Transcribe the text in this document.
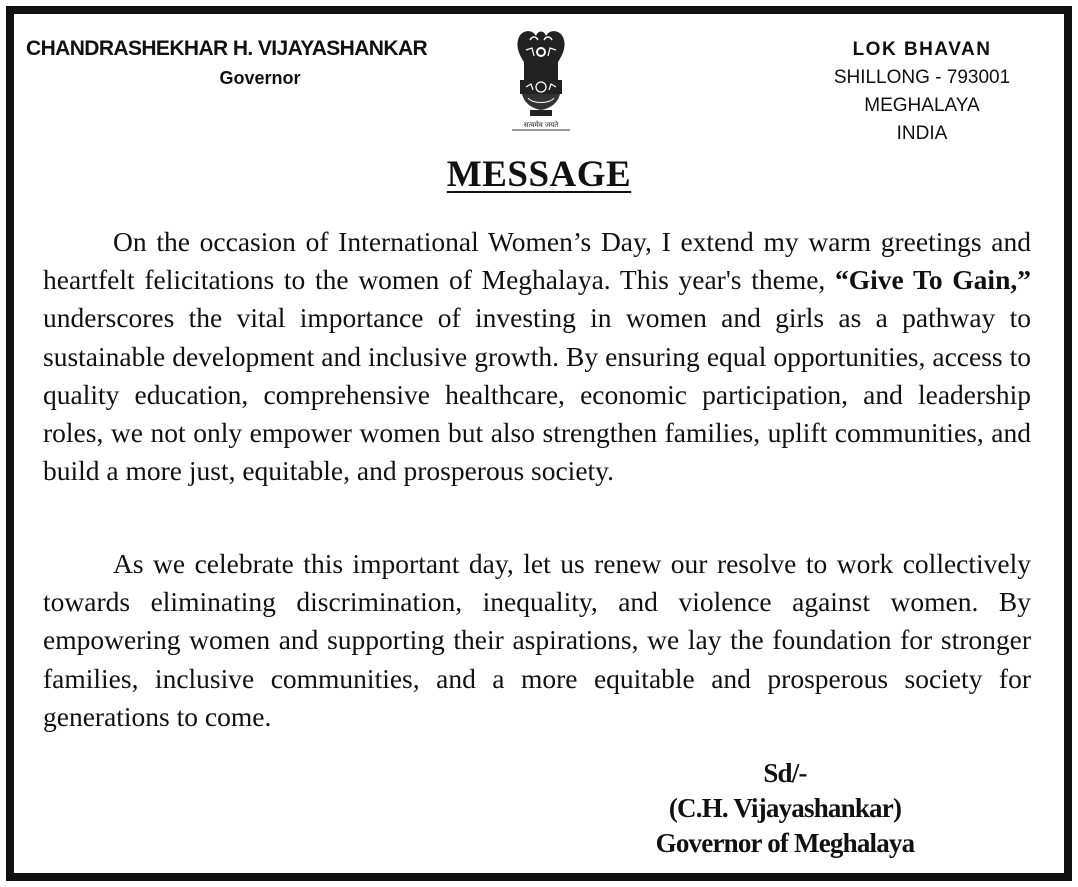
CHANDRASHEKHAR H. VIJAYASHANKAR
Governor
सत्यमेव जयते
LOK BHAVAN
SHILLONG - 793001
MEGHALAYA
INDIA
MESSAGE

On the occasion of International Women’s Day, I extend my warm greetings and heartfelt felicitations to the women of Meghalaya. This year's theme, “Give To Gain,” underscores the vital importance of investing in women and girls as a pathway to sustainable development and inclusive growth. By ensuring equal opportunities, access to quality education, comprehensive healthcare, economic participation, and leadership roles, we not only empower women but also strengthen families, uplift communities, and build a more just, equitable, and prosperous society.

As we celebrate this important day, let us renew our resolve to work collectively towards eliminating discrimination, inequality, and violence against women. By empowering women and supporting their aspirations, we lay the foundation for stronger families, inclusive communities, and a more equitable and prosperous society for generations to come.

Sd/-
(C.H. Vijayashankar)
Governor of Meghalaya
